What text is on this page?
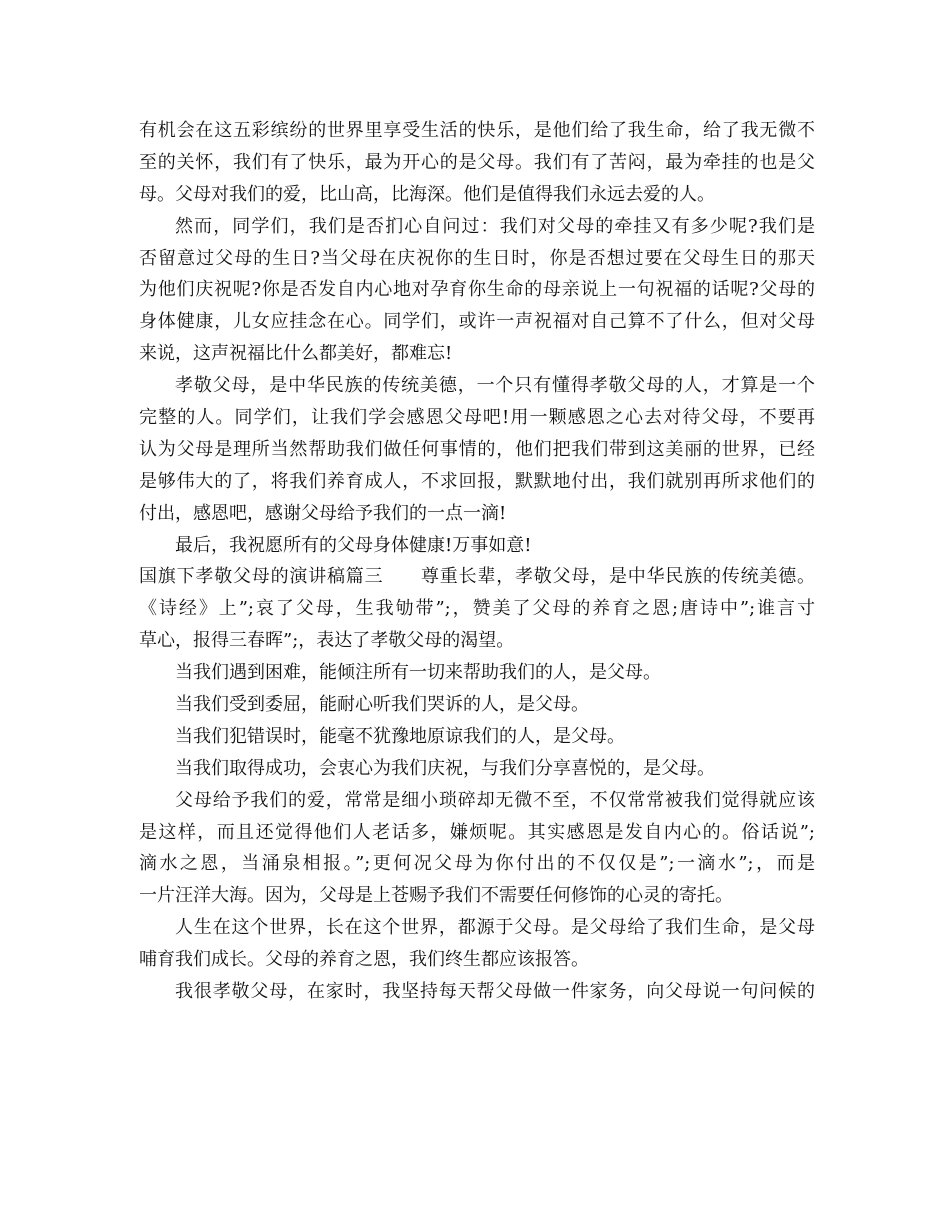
有机会在这五彩缤纷的世界里享受生活的快乐，是他们给了我生命，给了我无微不
至的关怀，我们有了快乐，最为开心的是父母。我们有了苦闷，最为牵挂的也是父
母。父母对我们的爱，比山高，比海深。他们是值得我们永远去爱的人。
然而，同学们，我们是否扪心自问过：我们对父母的牵挂又有多少呢?我们是
否留意过父母的生日?当父母在庆祝你的生日时，你是否想过要在父母生日的那天
为他们庆祝呢?你是否发自内心地对孕育你生命的母亲说上一句祝福的话呢?父母的
身体健康，儿女应挂念在心。同学们，或许一声祝福对自己算不了什么，但对父母
来说，这声祝福比什么都美好，都难忘!
孝敬父母，是中华民族的传统美德，一个只有懂得孝敬父母的人，才算是一个
完整的人。同学们，让我们学会感恩父母吧!用一颗感恩之心去对待父母，不要再
认为父母是理所当然帮助我们做任何事情的，他们把我们带到这美丽的世界，已经
是够伟大的了，将我们养育成人，不求回报，默默地付出，我们就别再所求他们的
付出，感恩吧，感谢父母给予我们的一点一滴!
最后，我祝愿所有的父母身体健康!万事如意!
国旗下孝敬父母的演讲稿篇三　　尊重长辈，孝敬父母，是中华民族的传统美德。
《诗经》上”;哀了父母，生我劬带”;，赞美了父母的养育之恩;唐诗中”;谁言寸
草心，报得三春晖”;，表达了孝敬父母的渴望。
当我们遇到困难，能倾注所有一切来帮助我们的人，是父母。
当我们受到委屈，能耐心听我们哭诉的人，是父母。
当我们犯错误时，能毫不犹豫地原谅我们的人，是父母。
当我们取得成功，会衷心为我们庆祝，与我们分享喜悦的，是父母。
父母给予我们的爱，常常是细小琐碎却无微不至，不仅常常被我们觉得就应该
是这样，而且还觉得他们人老话多，嫌烦呢。其实感恩是发自内心的。俗话说”;
滴水之恩，当涌泉相报。”;更何况父母为你付出的不仅仅是”;一滴水”;，而是
一片汪洋大海。因为，父母是上苍赐予我们不需要任何修饰的心灵的寄托。
人生在这个世界，长在这个世界，都源于父母。是父母给了我们生命，是父母
哺育我们成长。父母的养育之恩，我们终生都应该报答。
我很孝敬父母，在家时，我坚持每天帮父母做一件家务，向父母说一句问候的
